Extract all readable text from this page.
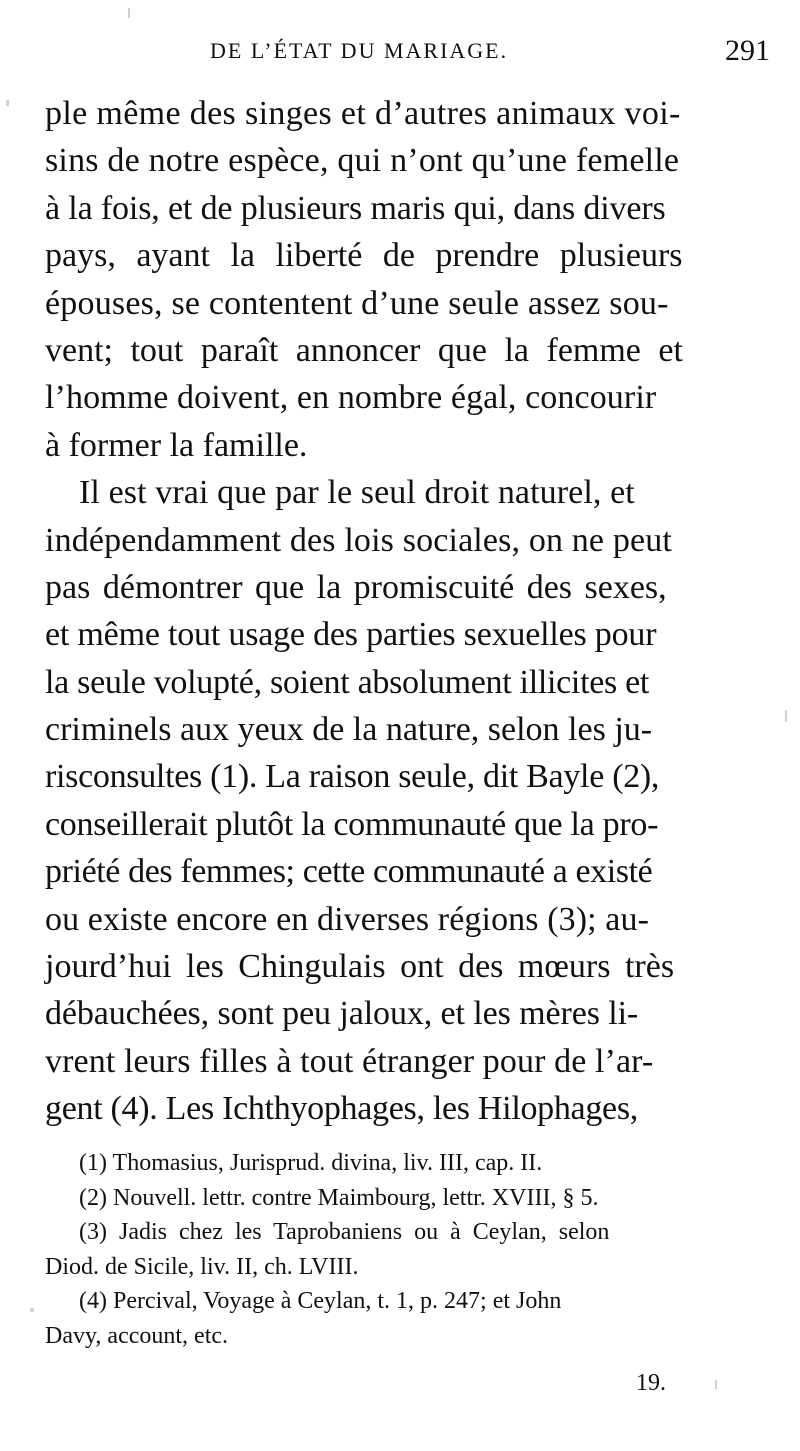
DE L’ÉTAT DU MARIAGE.	291
ple même des singes et d’autres animaux voi-
sins de notre espèce, qui n’ont qu’une femelle
à la fois, et de plusieurs maris qui, dans divers
pays, ayant la liberté de prendre plusieurs
épouses, se contentent d’une seule assez sou-
vent; tout paraît annoncer que la femme et
l’homme doivent, en nombre égal, concourir
à former la famille.
Il est vrai que par le seul droit naturel, et
indépendamment des lois sociales, on ne peut
pas démontrer que la promiscuité des sexes,
et même tout usage des parties sexuelles pour
la seule volupté, soient absolument illicites et
criminels aux yeux de la nature, selon les ju-
risconsultes (1). La raison seule, dit Bayle (2),
conseillerait plutôt la communauté que la pro-
priété des femmes; cette communauté a existé
ou existe encore en diverses régions (3); au-
jourd’hui les Chingulais ont des mœurs très
débauchées, sont peu jaloux, et les mères li-
vrent leurs filles à tout étranger pour de l’ar-
gent (4). Les Ichthyophages, les Hilophages,
(1) Thomasius, Jurisprud. divina, liv. III, cap. II.
(2) Nouvell. lettr. contre Maimbourg, lettr. XVIII, § 5.
(3) Jadis chez les Taprobaniens ou à Ceylan, selon
Diod. de Sicile, liv. II, ch. LVIII.
(4) Percival, Voyage à Ceylan, t. 1, p. 247; et John
Davy, account, etc.
19.
